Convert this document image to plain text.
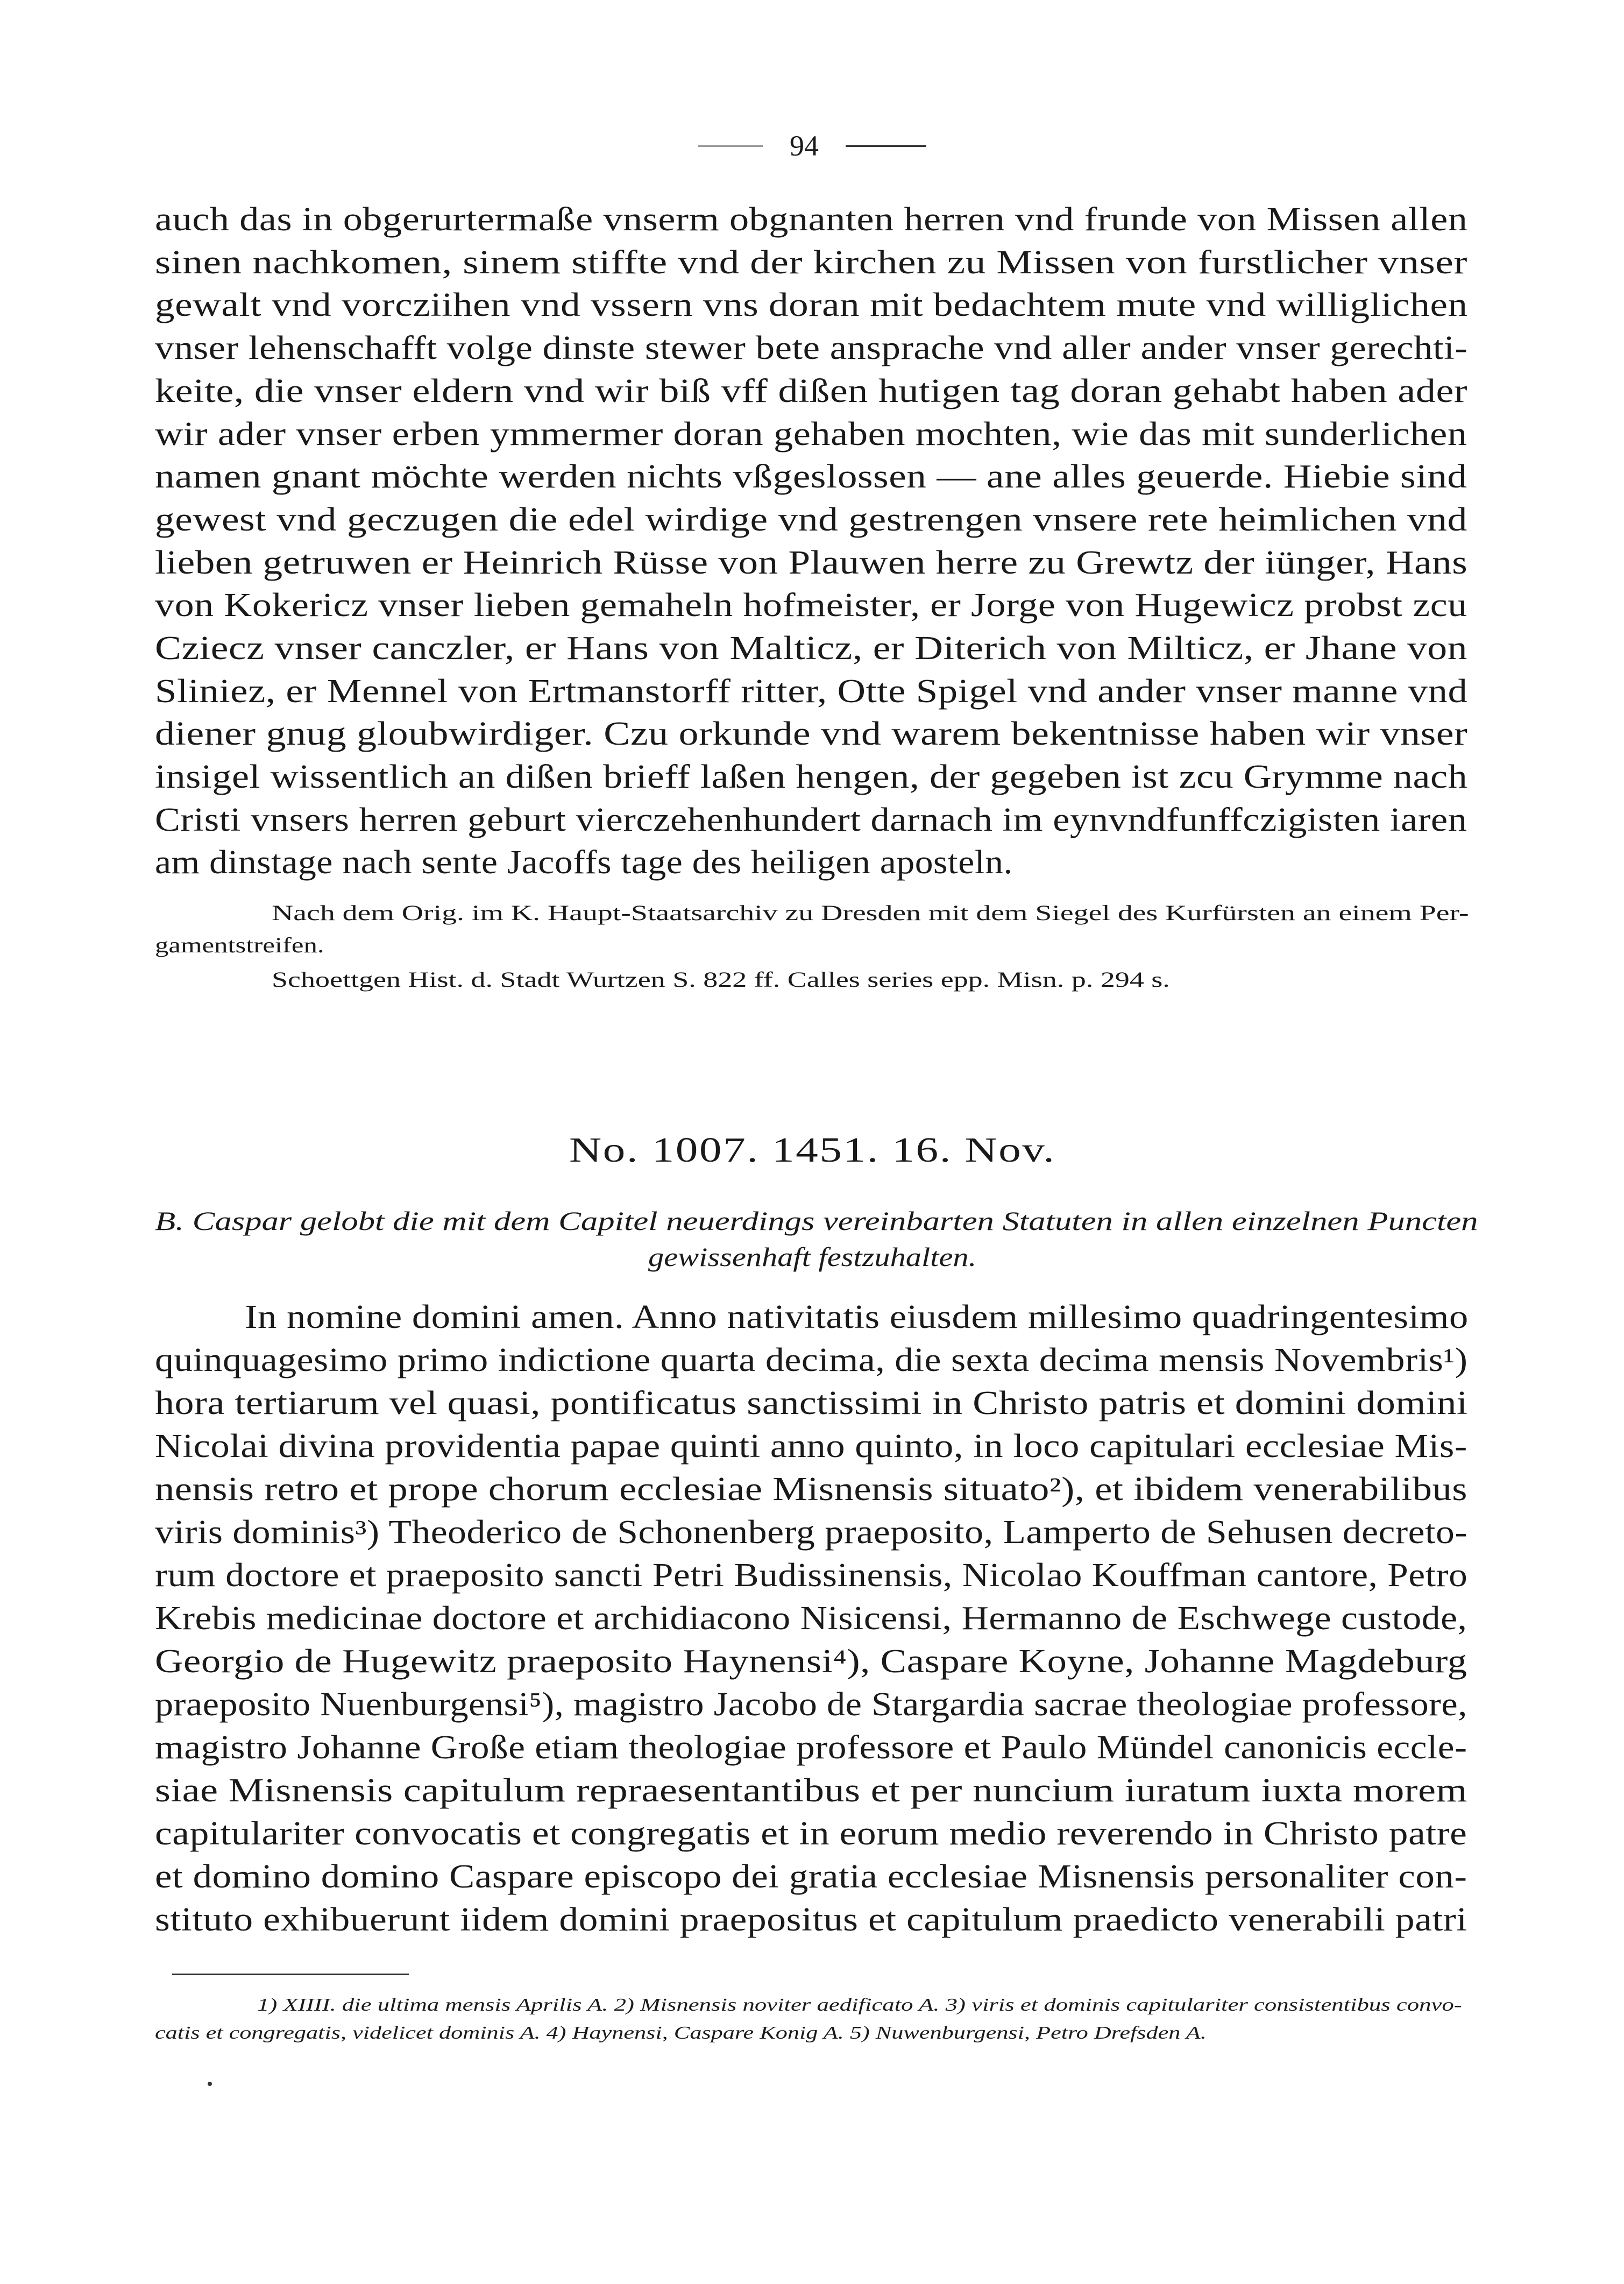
94
auch das in obgerurtermaße vnserm obgnanten herren vnd frunde von Missen allen
sinen nachkomen, sinem stiffte vnd der kirchen zu Missen von furstlicher vnser
gewalt vnd vorcziihen vnd vssern vns doran mit bedachtem mute vnd williglichen
vnser lehenschafft volge dinste stewer bete ansprache vnd aller ander vnser gerechti-
keite, die vnser eldern vnd wir biß vff dißen hutigen tag doran gehabt haben ader
wir ader vnser erben ymmermer doran gehaben mochten, wie das mit sunderlichen
namen gnant möchte werden nichts vßgeslossen — ane alles geuerde. Hiebie sind
gewest vnd geczugen die edel wirdige vnd gestrengen vnsere rete heimlichen vnd
lieben getruwen er Heinrich Rüsse von Plauwen herre zu Grewtz der iünger, Hans
von Kokericz vnser lieben gemaheln hofmeister, er Jorge von Hugewicz probst zcu
Cziecz vnser canczler, er Hans von Malticz, er Diterich von Milticz, er Jhane von
Sliniez, er Mennel von Ertmanstorff ritter, Otte Spigel vnd ander vnser manne vnd
diener gnug gloubwirdiger. Czu orkunde vnd warem bekentnisse haben wir vnser
insigel wissentlich an dißen brieff laßen hengen, der gegeben ist zcu Grymme nach
Cristi vnsers herren geburt vierczehenhundert darnach im eynvndfunffczigisten iaren
am dinstage nach sente Jacoffs tage des heiligen aposteln.
Nach dem Orig. im K. Haupt-Staatsarchiv zu Dresden mit dem Siegel des Kurfürsten an einem Per-
gamentstreifen.
Schoettgen Hist. d. Stadt Wurtzen S. 822 ff. Calles series epp. Misn. p. 294 s.
No. 1007. 1451. 16. Nov.
B. Caspar gelobt die mit dem Capitel neuerdings vereinbarten Statuten in allen einzelnen Puncten
gewissenhaft festzuhalten.
In nomine domini amen. Anno nativitatis eiusdem millesimo quadringentesimo
quinquagesimo primo indictione quarta decima, die sexta decima mensis Novembris¹)
hora tertiarum vel quasi, pontificatus sanctissimi in Christo patris et domini domini
Nicolai divina providentia papae quinti anno quinto, in loco capitulari ecclesiae Mis-
nensis retro et prope chorum ecclesiae Misnensis situato²), et ibidem venerabilibus
viris dominis³) Theoderico de Schonenberg praeposito, Lamperto de Sehusen decreto-
rum doctore et praeposito sancti Petri Budissinensis, Nicolao Kouffman cantore, Petro
Krebis medicinae doctore et archidiacono Nisicensi, Hermanno de Eschwege custode,
Georgio de Hugewitz praeposito Haynensi⁴), Caspare Koyne, Johanne Magdeburg
praeposito Nuenburgensi⁵), magistro Jacobo de Stargardia sacrae theologiae professore,
magistro Johanne Große etiam theologiae professore et Paulo Mündel canonicis eccle-
siae Misnensis capitulum repraesentantibus et per nuncium iuratum iuxta morem
capitulariter convocatis et congregatis et in eorum medio reverendo in Christo patre
et domino domino Caspare episcopo dei gratia ecclesiae Misnensis personaliter con-
stituto exhibuerunt iidem domini praepositus et capitulum praedicto venerabili patri
1) XIIII. die ultima mensis Aprilis A. 2) Misnensis noviter aedificato A. 3) viris et dominis capitulariter consistentibus convo-
catis et congregatis, videlicet dominis A. 4) Haynensi, Caspare Konig A. 5) Nuwenburgensi, Petro Drefsden A.
